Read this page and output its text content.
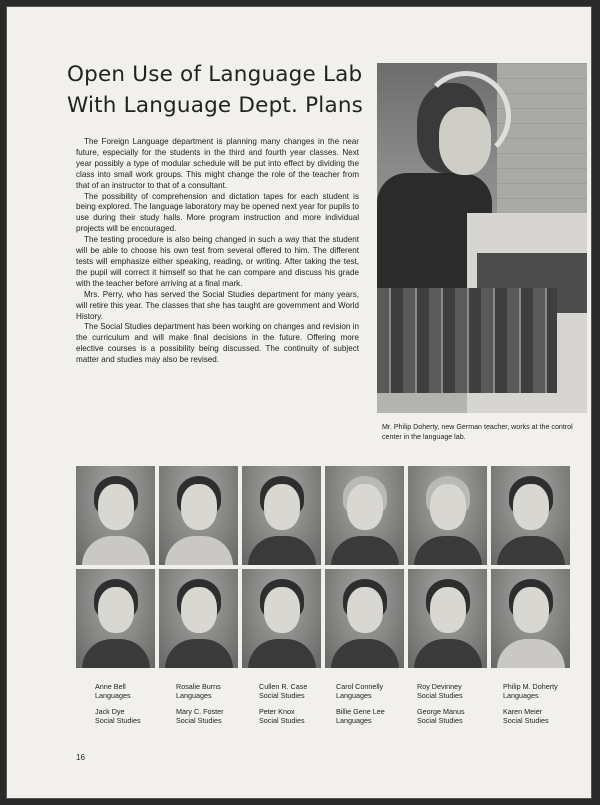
Open Use of Language Lab
With Language Dept. Plans

The Foreign Language department is planning many changes in the near future, especially for the students in the third and fourth year classes. Next year possibly a type of modular schedule will be put into effect by dividing the class into small work groups. This might change the role of the teacher from that of an instructor to that of a consultant.

The possibility of comprehension and dictation tapes for each student is being explored. The language laboratory may be opened next year for pupils to use during their study halls. More program instruction and more individual projects will be encouraged.

The testing procedure is also being changed in such a way that the student will be able to choose his own test from several offered to him. The different tests will emphasize either speaking, reading, or writing. After taking the test, the pupil will correct it himself so that he can compare and discuss his grade with the teacher before arriving at a final mark.

Mrs. Perry, who has served the Social Studies department for many years, will retire this year. The classes that she has taught are government and World History.

The Social Studies department has been working on changes and revision in the curriculum and will make final decisions in the future. Offering more elective courses is a possibility being discussed. The continuity of subject matter and studies may also be revised.

Mr. Philip Doherty, new German teacher, works at the control center in the language lab.
Anne Bell
Languages
Rosalie Burns
Languages
Cullen R. Case
Social Studies
Carol Connelly
Languages
Roy Devinney
Social Studies
Philip M. Doherty
Languages
Jack Dye
Social Studies
Mary C. Foster
Social Studies
Peter Knox
Social Studies
Billie Gene Lee
Languages
George Manus
Social Studies
Karen Meier
Social Studies
16
